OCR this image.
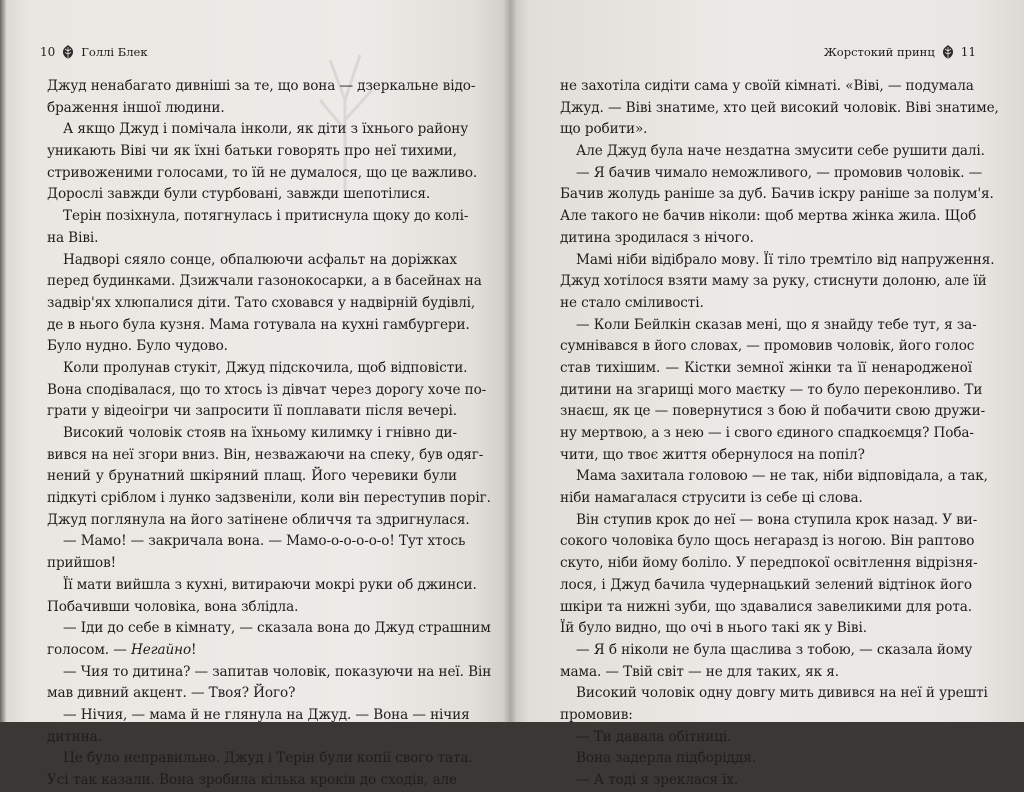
10 Голлі Блек
Джуд ненабагато дивніші за те, що вона — дзеркальне відо-
браження іншої людини.
А якщо Джуд і помічала інколи, як діти з їхнього району
уникають Віві чи як їхні батьки говорять про неї тихими,
стривоженими голосами, то їй не думалося, що це важливо.
Дорослі завжди були стурбовані, завжди шепотілися.
Терін позіхнула, потягнулась і притиснула щоку до колі-
на Віві.
Надворі сяяло сонце, обпалюючи асфальт на доріжках
перед будинками. Дзижчали газонокосарки, а в басейнах на
задвір'ях хлюпалися діти. Тато сховався у надвірній будівлі,
де в нього була кузня. Мама готувала на кухні гамбургери.
Було нудно. Було чудово.
Коли пролунав стукіт, Джуд підскочила, щоб відповісти.
Вона сподівалася, що то хтось із дівчат через дорогу хоче по-
грати у відеоігри чи запросити її поплавати після вечері.
Високий чоловік стояв на їхньому килимку і гнівно ди-
вився на неї згори вниз. Він, незважаючи на спеку, був одяг-
нений у брунатний шкіряний плащ. Його черевики були
підкуті сріблом і лунко задзвеніли, коли він переступив поріг.
Джуд поглянула на його затінене обличчя та здригнулася.
— Мамо! — закричала вона. — Мамо-о-о-о-о-о! Тут хтось
прийшов!
Її мати вийшла з кухні, витираючи мокрі руки об джинси.
Побачивши чоловіка, вона зблідла.
— Іди до себе в кімнату, — сказала вона до Джуд страшним
голосом. — Негайно!
— Чия то дитина? — запитав чоловік, показуючи на неї. Він
мав дивний акцент. — Твоя? Його?
— Нічия, — мама й не глянула на Джуд. — Вона — нічия
дитина.
Це було неправильно. Джуд і Терін були копії свого тата.
Усі так казали. Вона зробила кілька кроків до сходів, але
Жорстокий принц 11
не захотіла сидіти сама у своїй кімнаті. «Віві, — подумала
Джуд. — Віві знатиме, хто цей високий чоловік. Віві знатиме,
що робити».
Але Джуд була наче нездатна змусити себе рушити далі.
— Я бачив чимало неможливого, — промовив чоловік. —
Бачив жолудь раніше за дуб. Бачив іскру раніше за полум'я.
Але такого не бачив ніколи: щоб мертва жінка жила. Щоб
дитина зродилася з нічого.
Мамі ніби відібрало мову. Її тіло тремтіло від напруження.
Джуд хотілося взяти маму за руку, стиснути долоню, але їй
не стало сміливості.
— Коли Бейлкін сказав мені, що я знайду тебе тут, я за-
сумнівався в його словах, — промовив чоловік, його голос
став тихішим. — Кістки земної жінки та її ненародженої
дитини на згарищі мого маєтку — то було переконливо. Ти
знаєш, як це — повернутися з бою й побачити свою дружи-
ну мертвою, а з нею — і свого єдиного спадкоємця? Поба-
чити, що твоє життя обернулося на попіл?
Мама захитала головою — не так, ніби відповідала, а так,
ніби намагалася струсити із себе ці слова.
Він ступив крок до неї — вона ступила крок назад. У ви-
сокого чоловіка було щось негаразд із ногою. Він раптово
скуто, ніби йому боліло. У передпокої освітлення відрізня-
лося, і Джуд бачила чудернацький зелений відтінок його
шкіри та нижні зуби, що здавалися завеликими для рота.
Їй було видно, що очі в нього такі як у Віві.
— Я б ніколи не була щаслива з тобою, — сказала йому
мама. — Твій світ — не для таких, як я.
Високий чоловік одну довгу мить дивився на неї й урешті
промовив:
— Ти давала обітниці.
Вона задерла підборіддя.
— А тоді я зреклася їх.
